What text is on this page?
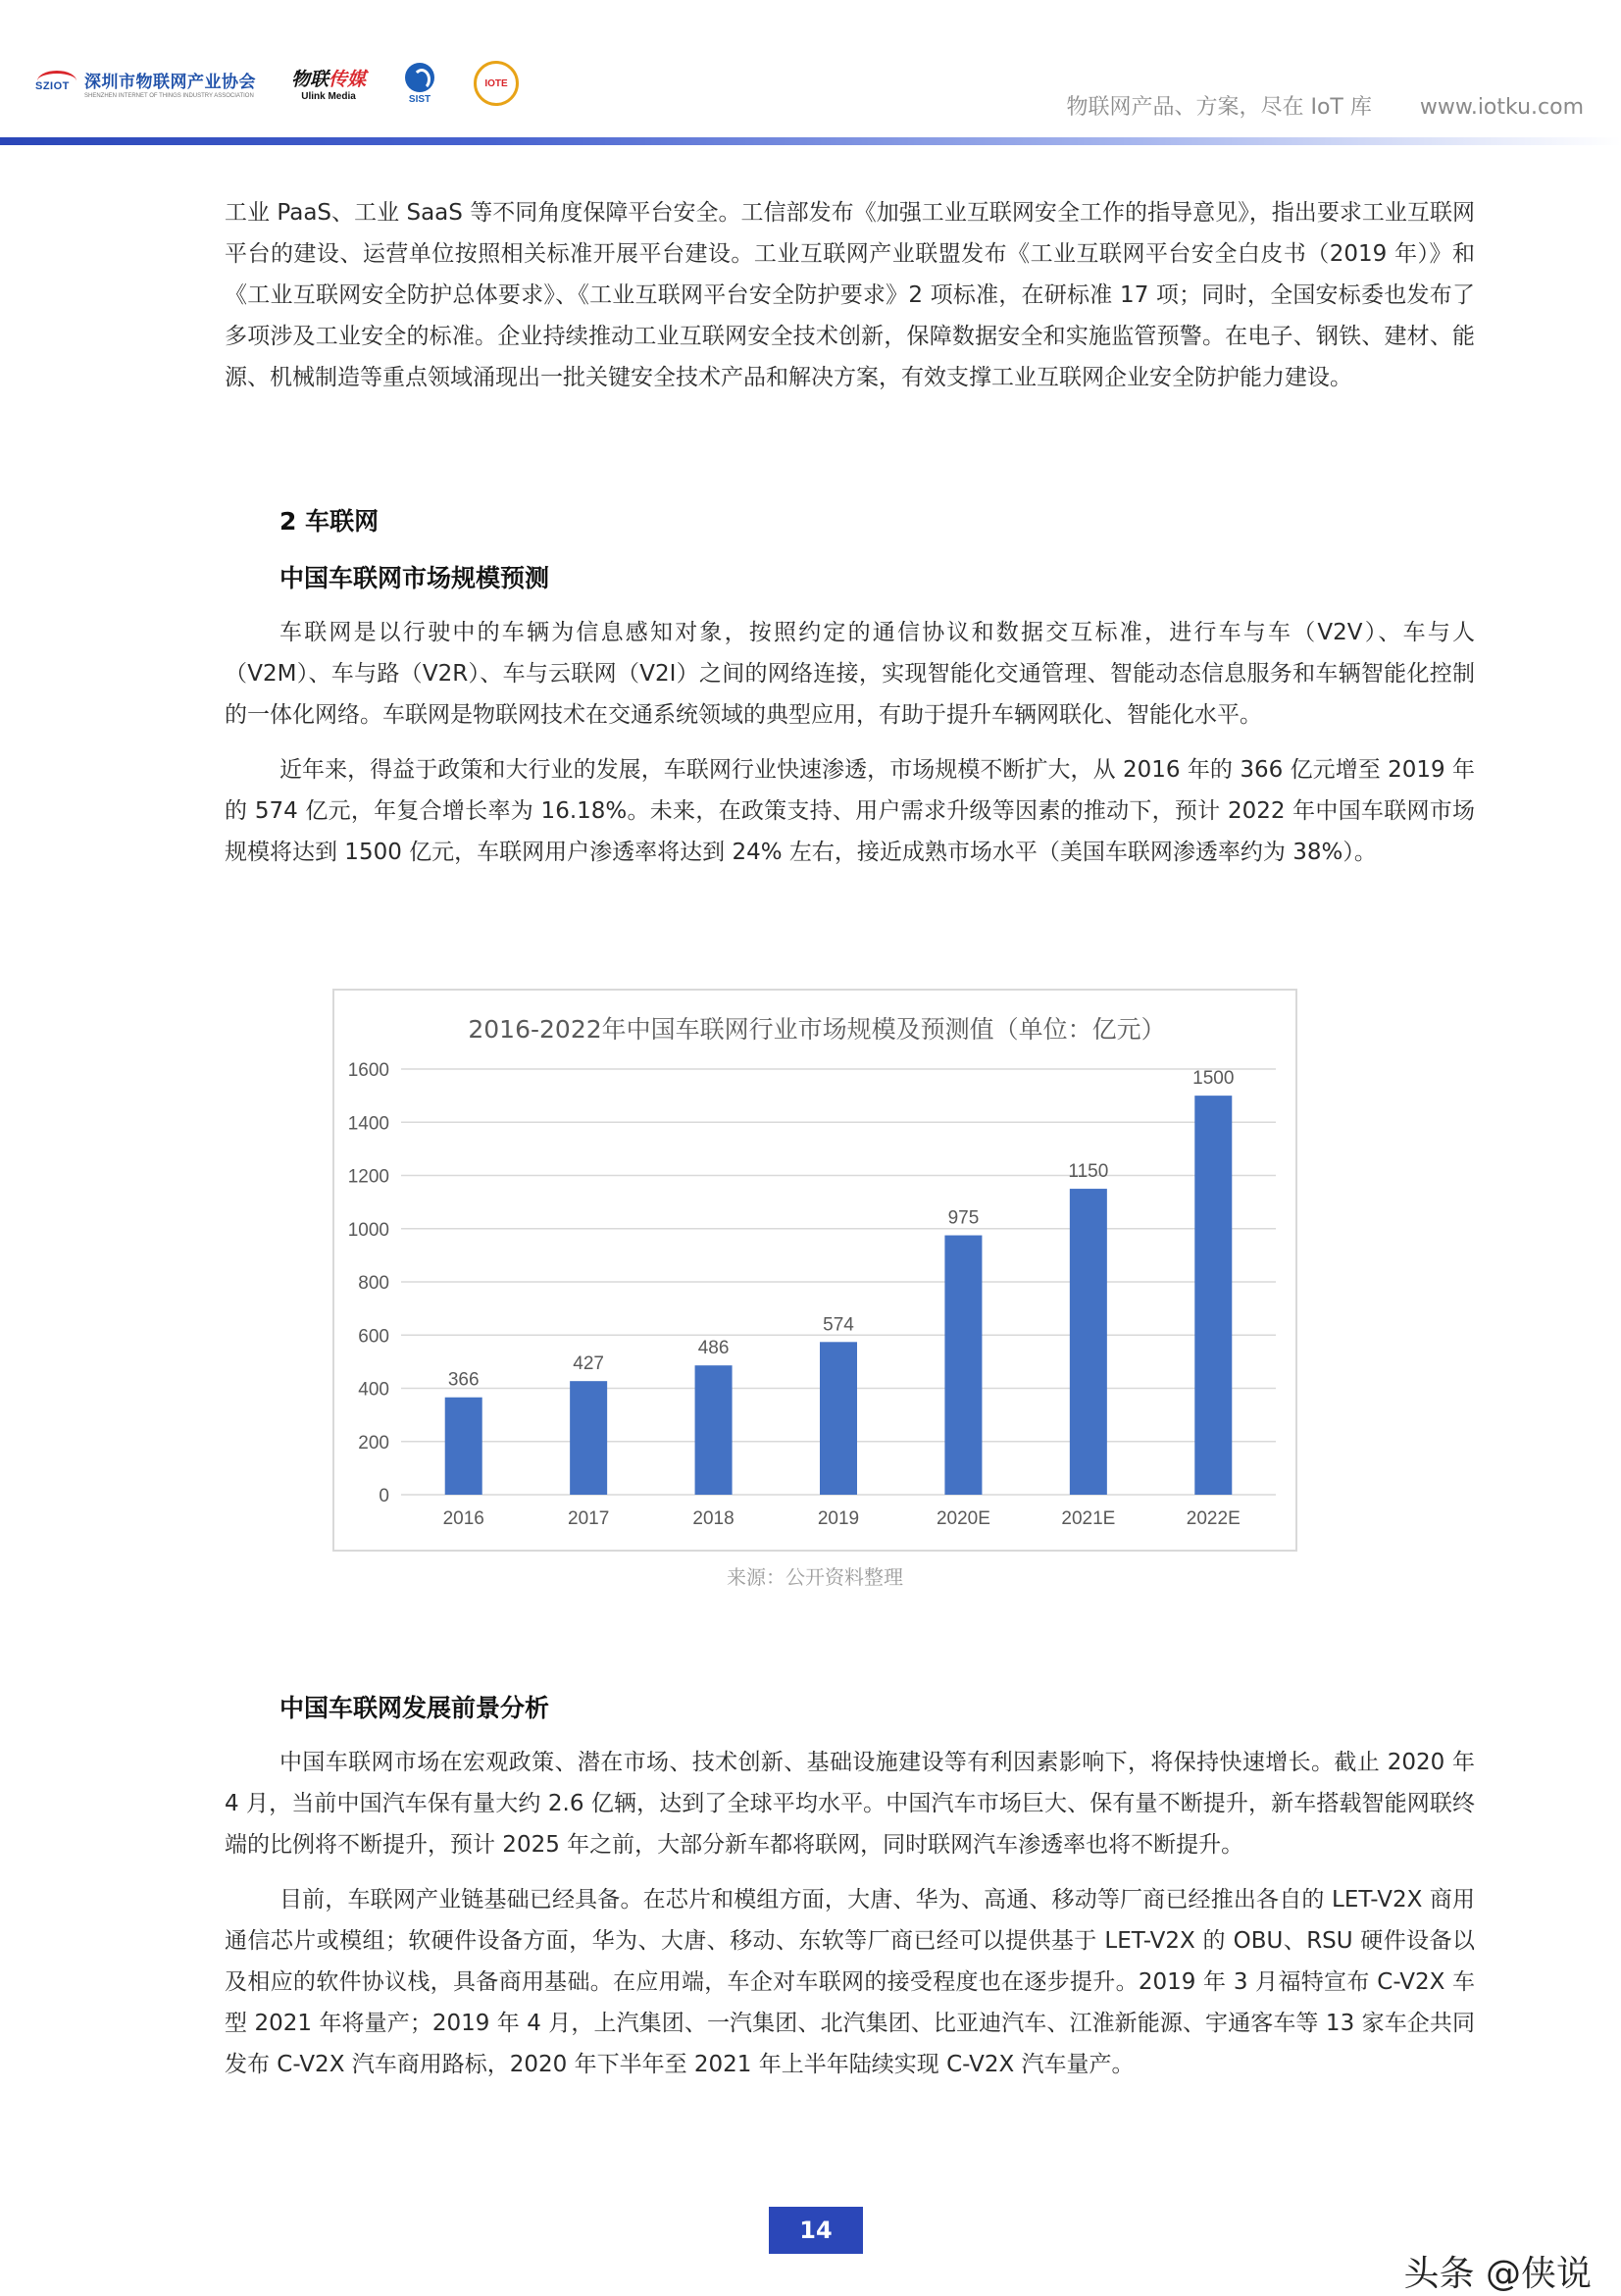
SZIOT 深圳市物联网产业协会
SHENZHEN INTERNET OF THINGS INDUSTRY ASSOCIATION
物联传媒
Ulink Media	SIST
IOTE
物联网产品、方案，尽在 IoT 库 www.iotku.com

工业 PaaS、工业 SaaS 等不同角度保障平台安全。工信部发布《加强工业互联网安全工作的指导意见》，指出要求工业互联网平台的建设、运营单位按照相关标准开展平台建设。工业互联网产业联盟发布《工业互联网平台安全白皮书（2019 年）》和《工业互联网安全防护总体要求》、《工业互联网平台安全防护要求》2 项标准，在研标准 17 项；同时，全国安标委也发布了多项涉及工业安全的标准。企业持续推动工业互联网安全技术创新，保障数据安全和实施监管预警。在电子、钢铁、建材、能源、机械制造等重点领域涌现出一批关键安全技术产品和解决方案，有效支撑工业互联网企业安全防护能力建设。

2 车联网
中国车联网市场规模预测

车联网是以行驶中的车辆为信息感知对象，按照约定的通信协议和数据交互标准，进行车与车（V2V）、车与人（V2M）、车与路（V2R）、车与云联网（V2I）之间的网络连接，实现智能化交通管理、智能动态信息服务和车辆智能化控制的一体化网络。车联网是物联网技术在交通系统领域的典型应用，有助于提升车辆网联化、智能化水平。

近年来，得益于政策和大行业的发展，车联网行业快速渗透，市场规模不断扩大，从 2016 年的 366 亿元增至 2019 年的 574 亿元，年复合增长率为 16.18%。未来，在政策支持、用户需求升级等因素的推动下，预计 2022 年中国车联网市场规模将达到 1500 亿元，车联网用户渗透率将达到 24% 左右，接近成熟市场水平（美国车联网渗透率约为 38%）。

2016-2022年中国车联网行业市场规模及预测值（单位：亿元）
0
200
400
600
800
1000
1200
1400
1600
366
2016
427
2017
486
2018
574
2019
975
2020E
1150
2021E
1500
2022E
来源：公开资料整理
中国车联网发展前景分析

中国车联网市场在宏观政策、潜在市场、技术创新、基础设施建设等有利因素影响下，将保持快速增长。截止 2020 年 4 月，当前中国汽车保有量大约 2.6 亿辆，达到了全球平均水平。中国汽车市场巨大、保有量不断提升，新车搭载智能网联终端的比例将不断提升，预计 2025 年之前，大部分新车都将联网，同时联网汽车渗透率也将不断提升。

目前，车联网产业链基础已经具备。在芯片和模组方面，大唐、华为、高通、移动等厂商已经推出各自的 LET-V2X 商用通信芯片或模组；软硬件设备方面，华为、大唐、移动、东软等厂商已经可以提供基于 LET-V2X 的 OBU、RSU 硬件设备以及相应的软件协议栈，具备商用基础。在应用端，车企对车联网的接受程度也在逐步提升。2019 年 3 月福特宣布 C-V2X 车型 2021 年将量产；2019 年 4 月，上汽集团、一汽集团、北汽集团、比亚迪汽车、江淮新能源、宇通客车等 13 家车企共同发布 C-V2X 汽车商用路标，2020 年下半年至 2021 年上半年陆续实现 C-V2X 汽车量产。

14
头条 @侠说
